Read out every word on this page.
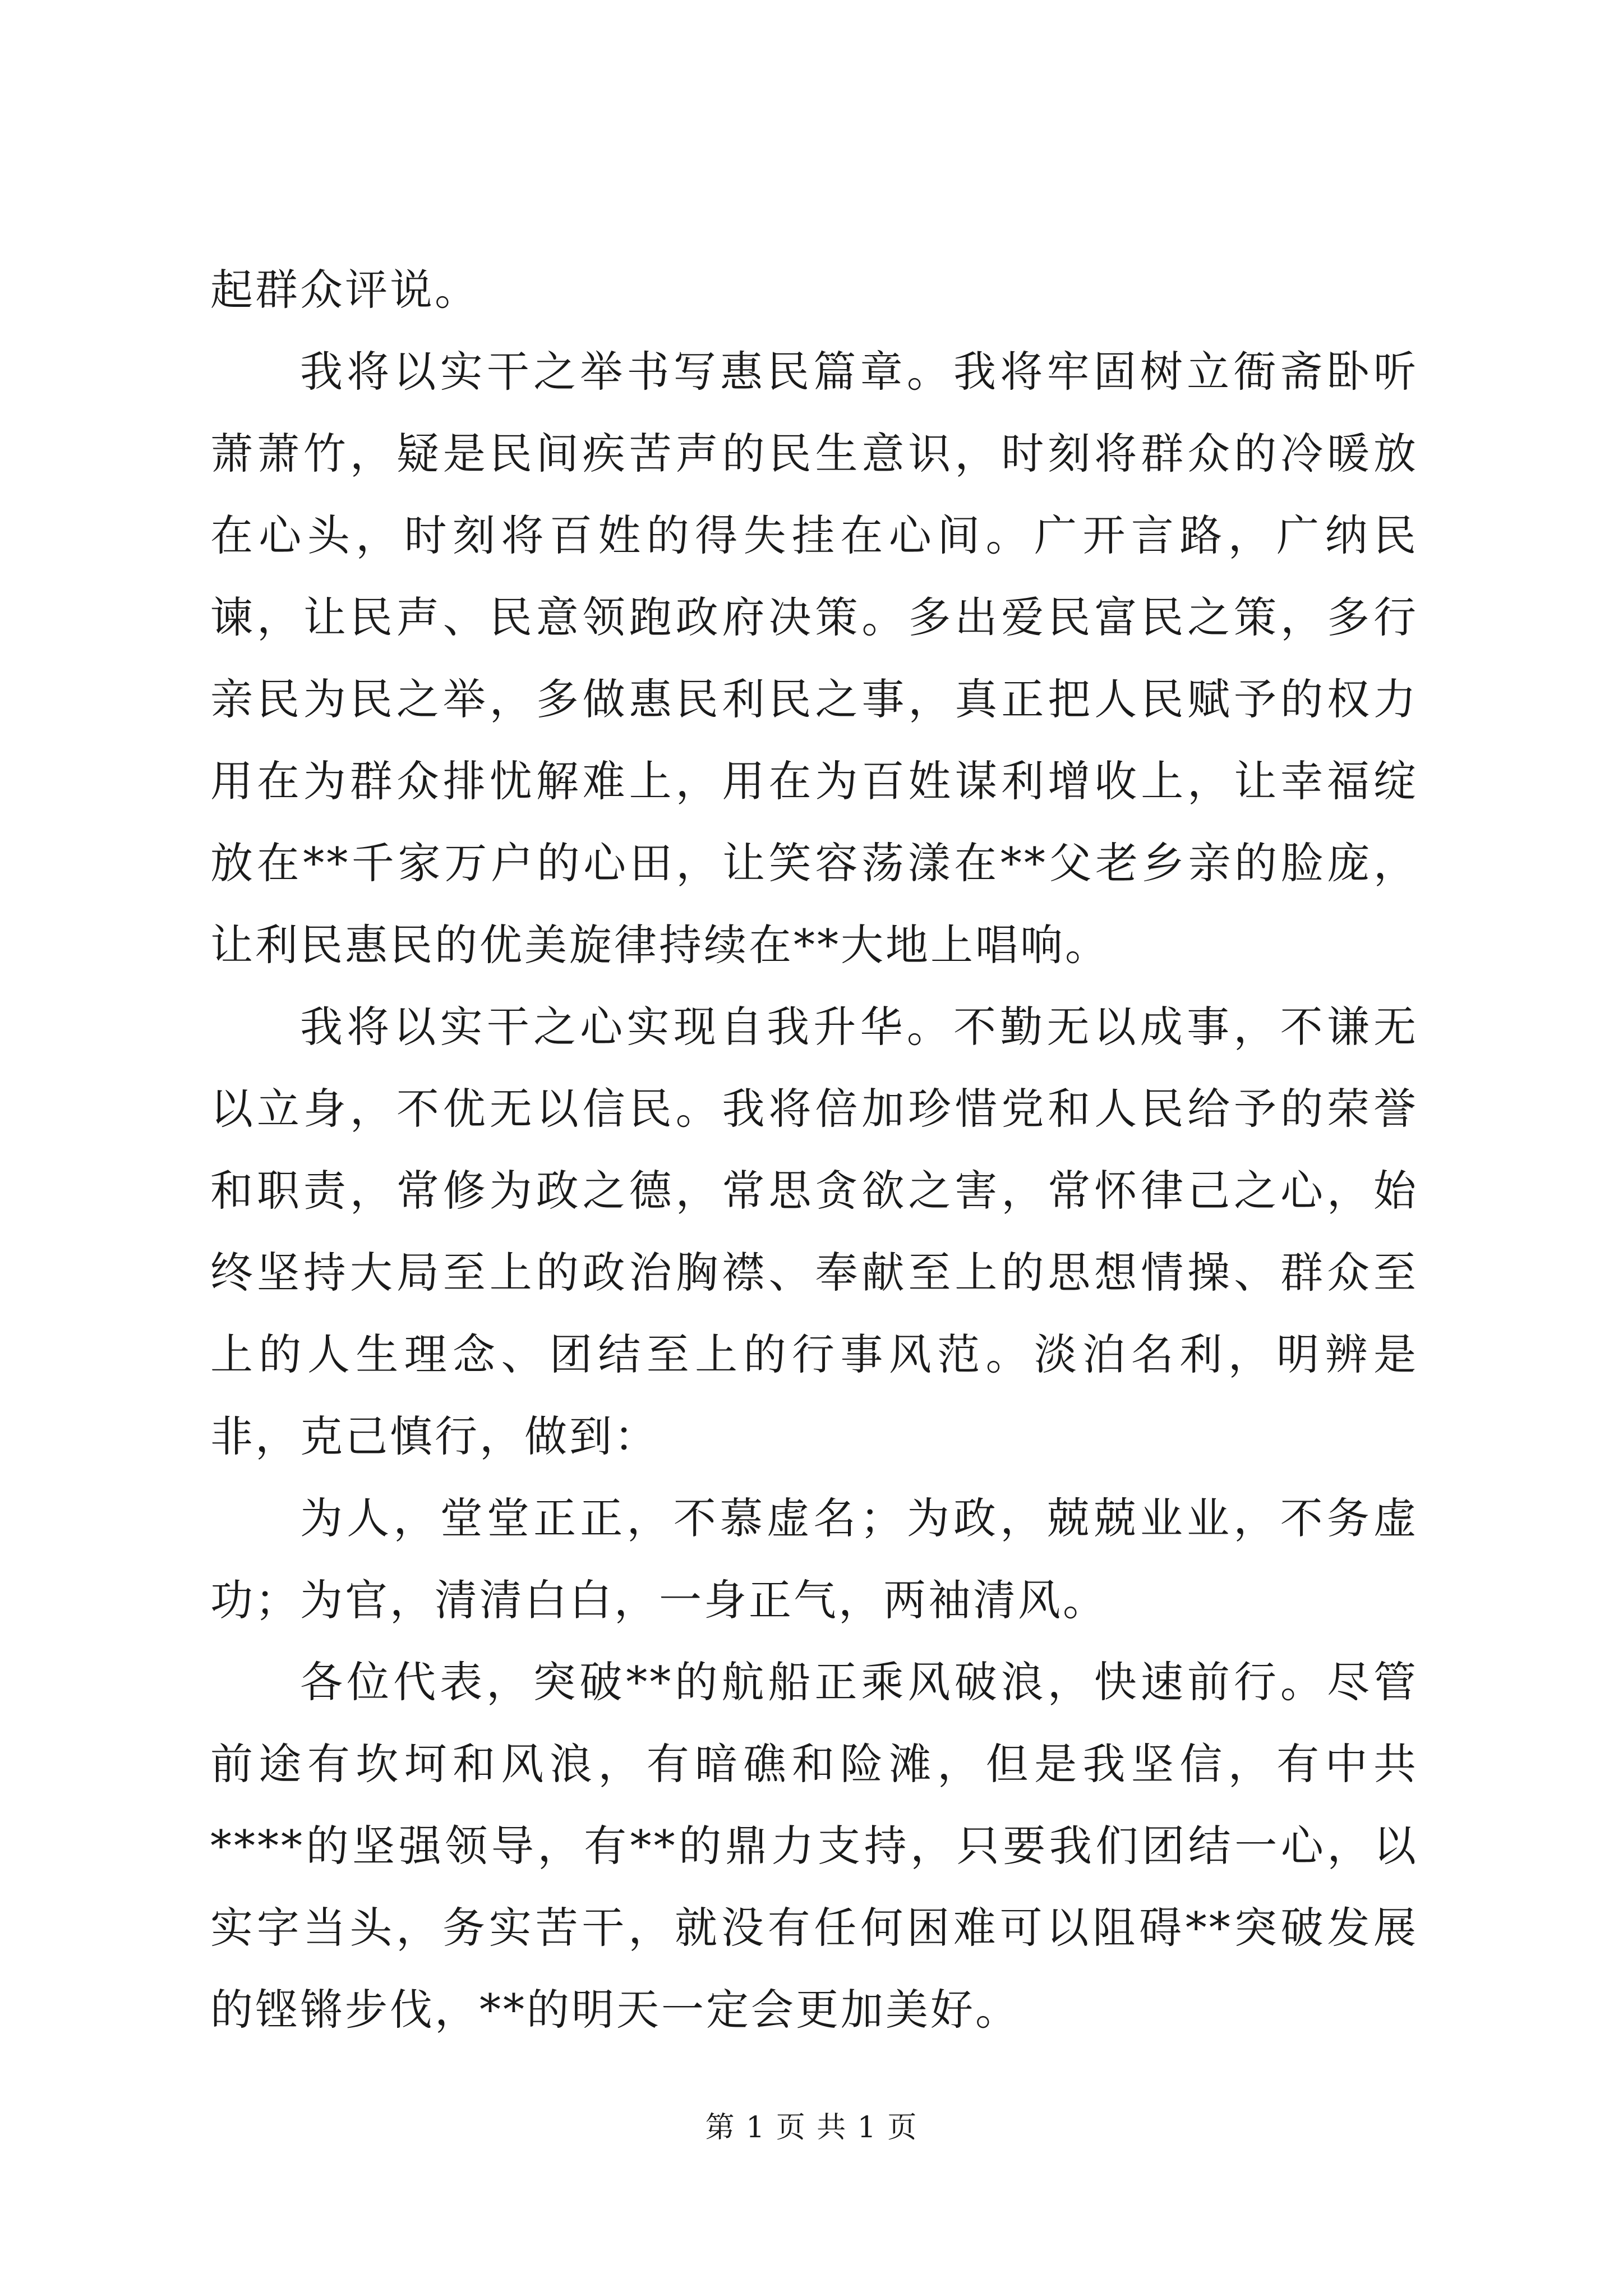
起群众评说。

我将以实干之举书写惠民篇章。我将牢固树立衙斋卧听萧萧竹，疑是民间疾苦声的民生意识，时刻将群众的冷暖放在心头，时刻将百姓的得失挂在心间。广开言路，广纳民谏，让民声、民意领跑政府决策。多出爱民富民之策，多行亲民为民之举，多做惠民利民之事，真正把人民赋予的权力用在为群众排忧解难上，用在为百姓谋利增收上，让幸福绽放在**千家万户的心田，让笑容荡漾在**父老乡亲的脸庞，让利民惠民的优美旋律持续在**大地上唱响。

我将以实干之心实现自我升华。不勤无以成事，不谦无以立身，不优无以信民。我将倍加珍惜党和人民给予的荣誉和职责，常修为政之德，常思贪欲之害，常怀律己之心，始终坚持大局至上的政治胸襟、奉献至上的思想情操、群众至上的人生理念、团结至上的行事风范。淡泊名利，明辨是非，克己慎行，做到：

为人，堂堂正正，不慕虚名；为政，兢兢业业，不务虚功；为官，清清白白，一身正气，两袖清风。

各位代表，突破**的航船正乘风破浪，快速前行。尽管前途有坎坷和风浪，有暗礁和险滩，但是我坚信，有中共****的坚强领导，有**的鼎力支持，只要我们团结一心，以实字当头，务实苦干，就没有任何困难可以阻碍**突破发展的铿锵步伐，**的明天一定会更加美好。

第 1 页 共 1 页
